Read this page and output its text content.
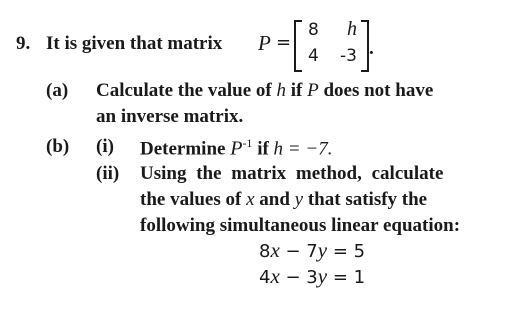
9. It is given that matrix P =
8 h
4 -3 .
(a) Calculate the value of h if P does not have
an inverse matrix.
(b) (i) Determine $P^{-1}$ if h = −7.
(ii) Using the matrix method, calculate
the values of x and y that satisfy the
following simultaneous linear equation:
8x − 7y = 5
4x − 3y = 1
